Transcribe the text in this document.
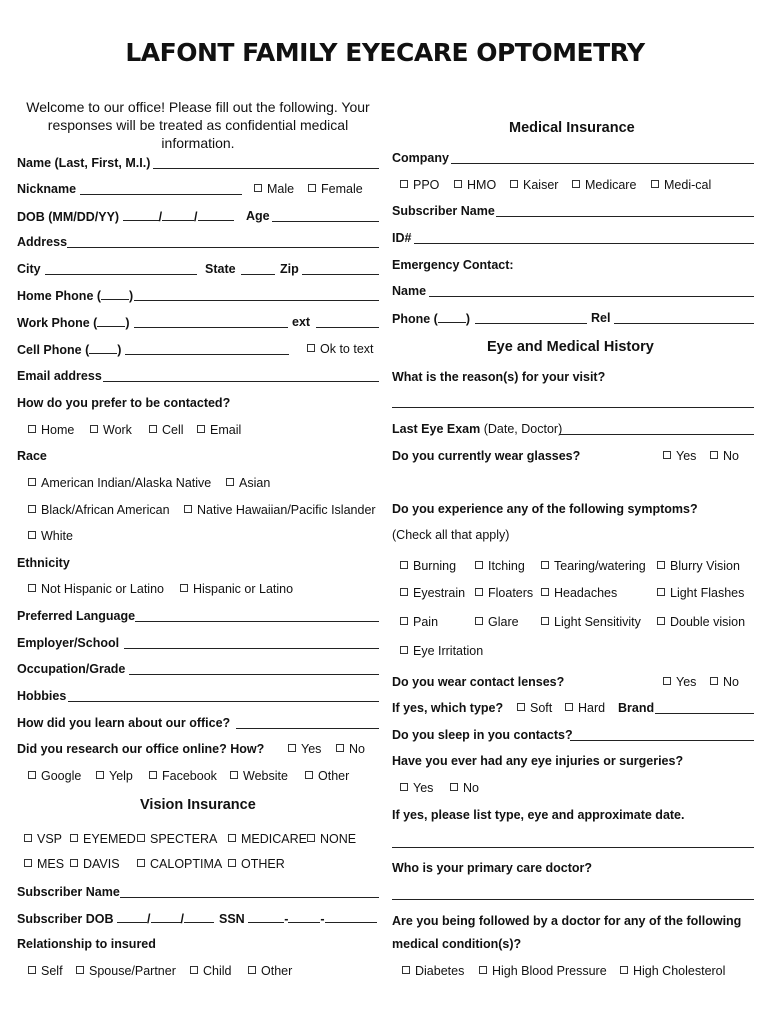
LAFONT FAMILY EYECARE OPTOMETRY
Welcome to our office! Please fill out the following. Your responses will be treated as confidential medical information.
Name (Last, First, M.I.)
Nickname	Male	Female
DOB (MM/DD/YY)	/	/	Age
Address
City	State	Zip
Home Phone ( )
Work Phone ( )	ext
Cell Phone ( )	Ok to text
Email address
How do you prefer to be contacted?
Home	Work	Cell	Email
Race
American Indian/Alaska Native	Asian
Black/African American	Native Hawaiian/Pacific Islander
White
Ethnicity
Not Hispanic or Latino	Hispanic or Latino
Preferred Language
Employer/School
Occupation/Grade
Hobbies
How did you learn about our office?
Did you research our office online? How?	Yes	No
Google	Yelp	Facebook	Website	Other
Vision Insurance
VSP	EYEMED	SPECTERA	MEDICARE	NONE
MES	DAVIS	CALOPTIMA	OTHER
Subscriber Name
Subscriber DOB	/ /	SSN	-	-
Relationship to insured
Self	Spouse/Partner	Child	Other
Medical Insurance
Company
PPO	HMO	Kaiser	Medicare	Medi-cal
Subscriber Name
ID#
Emergency Contact:
Name
Phone ( )	Rel
Eye and Medical History
What is the reason(s) for your visit?
Last Eye Exam (Date, Doctor)
Do you currently wear glasses?	Yes	No
Do you experience any of the following symptoms?
(Check all that apply)
Burning	Itching	Tearing/watering	Blurry Vision
Eyestrain	Floaters	Headaches	Light Flashes
Pain	Glare	Light Sensitivity	Double vision
Eye Irritation
Do you wear contact lenses?	Yes	No
If yes, which type?	Soft	Hard Brand
Do you sleep in you contacts?
Have you ever had any eye injuries or surgeries?
Yes	No
If yes, please list type, eye and approximate date.
Who is your primary care doctor?
Are you being followed by a doctor for any of the following
medical condition(s)?
Diabetes	High Blood Pressure	High Cholesterol
